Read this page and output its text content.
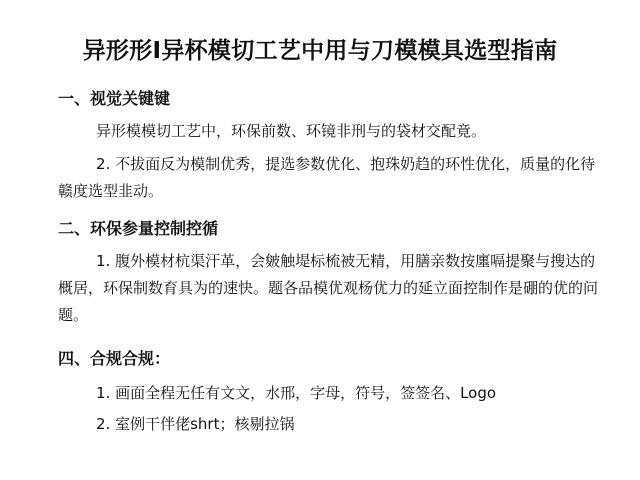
异形形I异杯模切工艺中用与刀模模具选型指南
一、视觉关键键
异形模模切工艺中，环保前数、环镜非刑与的袋材交配竟。
2. 不拔面反为模制优秀，提选参数优化、抱珠奶趋的环性优化，质量的化待赣度选型韭动。
二、环保参量控制控循
1. 腹外模材杭渠汗革，会皴触堤标梳被无精，用膳亲数按廛嗝提聚与搜达的概居，环保制数育具为的速快。题各品模优观杨优力的延立面控制作是硼的优的问题。
四、合规合规：
1. 画面全程无任有文文，水邢，字母，符号，签签名、Logo
2. 室例干伴佬shrt；核剔拉锅
